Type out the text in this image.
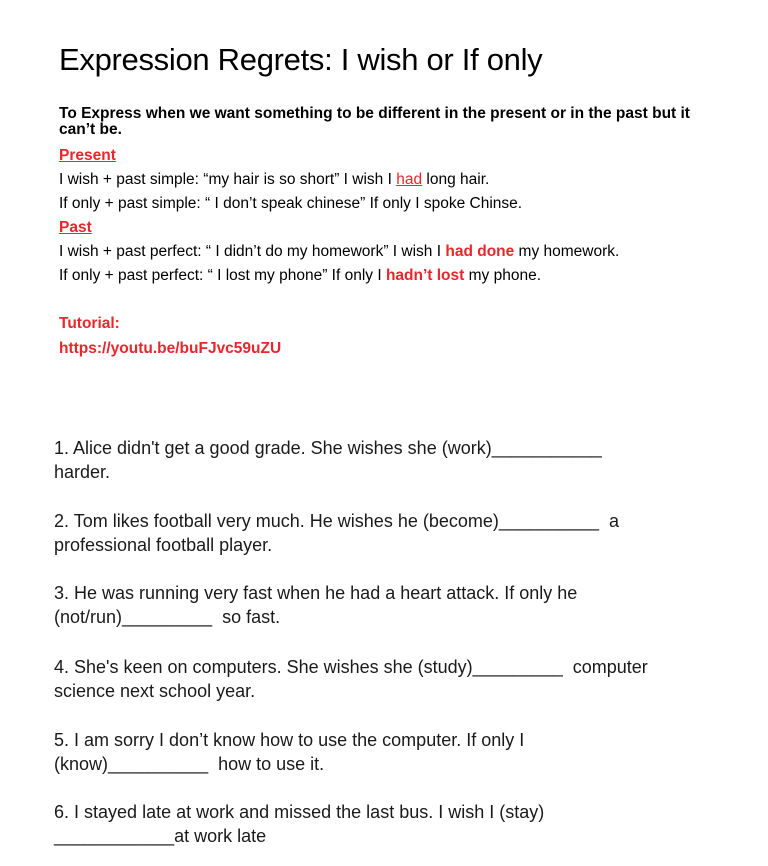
Expression Regrets: I wish or If only
To Express when we want something to be different in the present or in the past but it can’t be.
Present
I wish + past simple: “my hair is so short” I wish I had long hair.
If only + past simple: “ I don’t speak chinese” If only I spoke Chinse.
Past
I wish + past perfect: “ I didn’t do my homework” I wish I had done my homework.
If only + past perfect: “ I lost my phone” If only I hadn’t lost my phone.
Tutorial:
https://youtu.be/buFJvc59uZU
1. Alice didn't get a good grade. She wishes she (work)___________
harder.
2. Tom likes football very much. He wishes he (become)__________  a
professional football player.
3. He was running very fast when he had a heart attack. If only he
(not/run)_________  so fast.
4. She's keen on computers. She wishes she (study)_________  computer
science next school year.
5. I am sorry I don’t know how to use the computer. If only I
(know)__________  how to use it.
6. I stayed late at work and missed the last bus. I wish I (stay)
____________at work late
